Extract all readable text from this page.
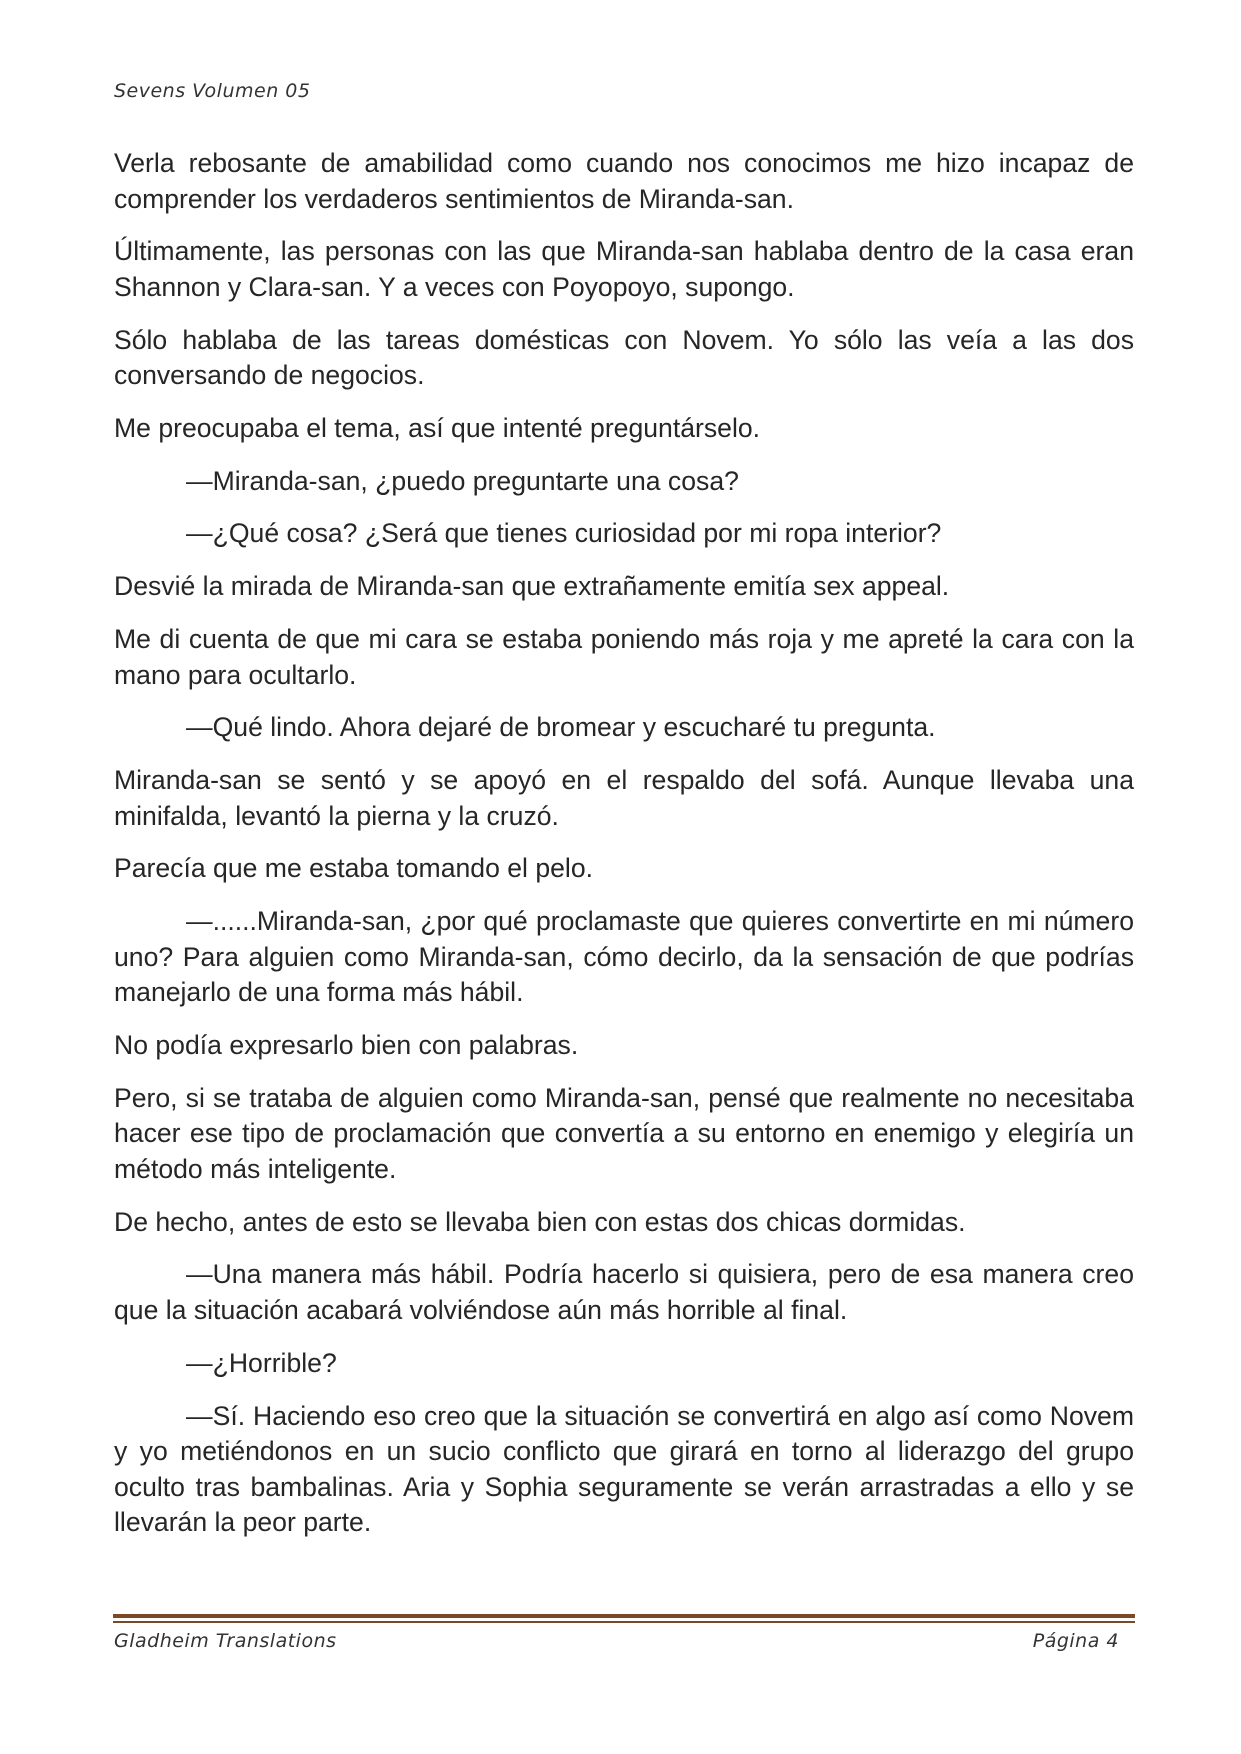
Sevens Volumen 05

Verla rebosante de amabilidad como cuando nos conocimos me hizo incapaz de comprender los verdaderos sentimientos de Miranda-san.

Últimamente, las personas con las que Miranda-san hablaba dentro de la casa eran Shannon y Clara-san. Y a veces con Poyopoyo, supongo.

Sólo hablaba de las tareas domésticas con Novem. Yo sólo las veía a las dos conversando de negocios.

Me preocupaba el tema, así que intenté preguntárselo.

—Miranda-san, ¿puedo preguntarte una cosa?

—¿Qué cosa? ¿Será que tienes curiosidad por mi ropa interior?

Desvié la mirada de Miranda-san que extrañamente emitía sex appeal.

Me di cuenta de que mi cara se estaba poniendo más roja y me apreté la cara con la mano para ocultarlo.

—Qué lindo. Ahora dejaré de bromear y escucharé tu pregunta.

Miranda-san se sentó y se apoyó en el respaldo del sofá. Aunque llevaba una minifalda, levantó la pierna y la cruzó.

Parecía que me estaba tomando el pelo.

—......Miranda-san, ¿por qué proclamaste que quieres convertirte en mi número uno? Para alguien como Miranda-san, cómo decirlo, da la sensación de que podrías manejarlo de una forma más hábil.

No podía expresarlo bien con palabras.

Pero, si se trataba de alguien como Miranda-san, pensé que realmente no necesitaba hacer ese tipo de proclamación que convertía a su entorno en enemigo y elegiría un método más inteligente.

De hecho, antes de esto se llevaba bien con estas dos chicas dormidas.

—Una manera más hábil. Podría hacerlo si quisiera, pero de esa manera creo que la situación acabará volviéndose aún más horrible al final.

—¿Horrible?

—Sí. Haciendo eso creo que la situación se convertirá en algo así como Novem y yo metiéndonos en un sucio conflicto que girará en torno al liderazgo del grupo oculto tras bambalinas. Aria y Sophia seguramente se verán arrastradas a ello y se llevarán la peor parte.

Gladheim Translations	Página 4
